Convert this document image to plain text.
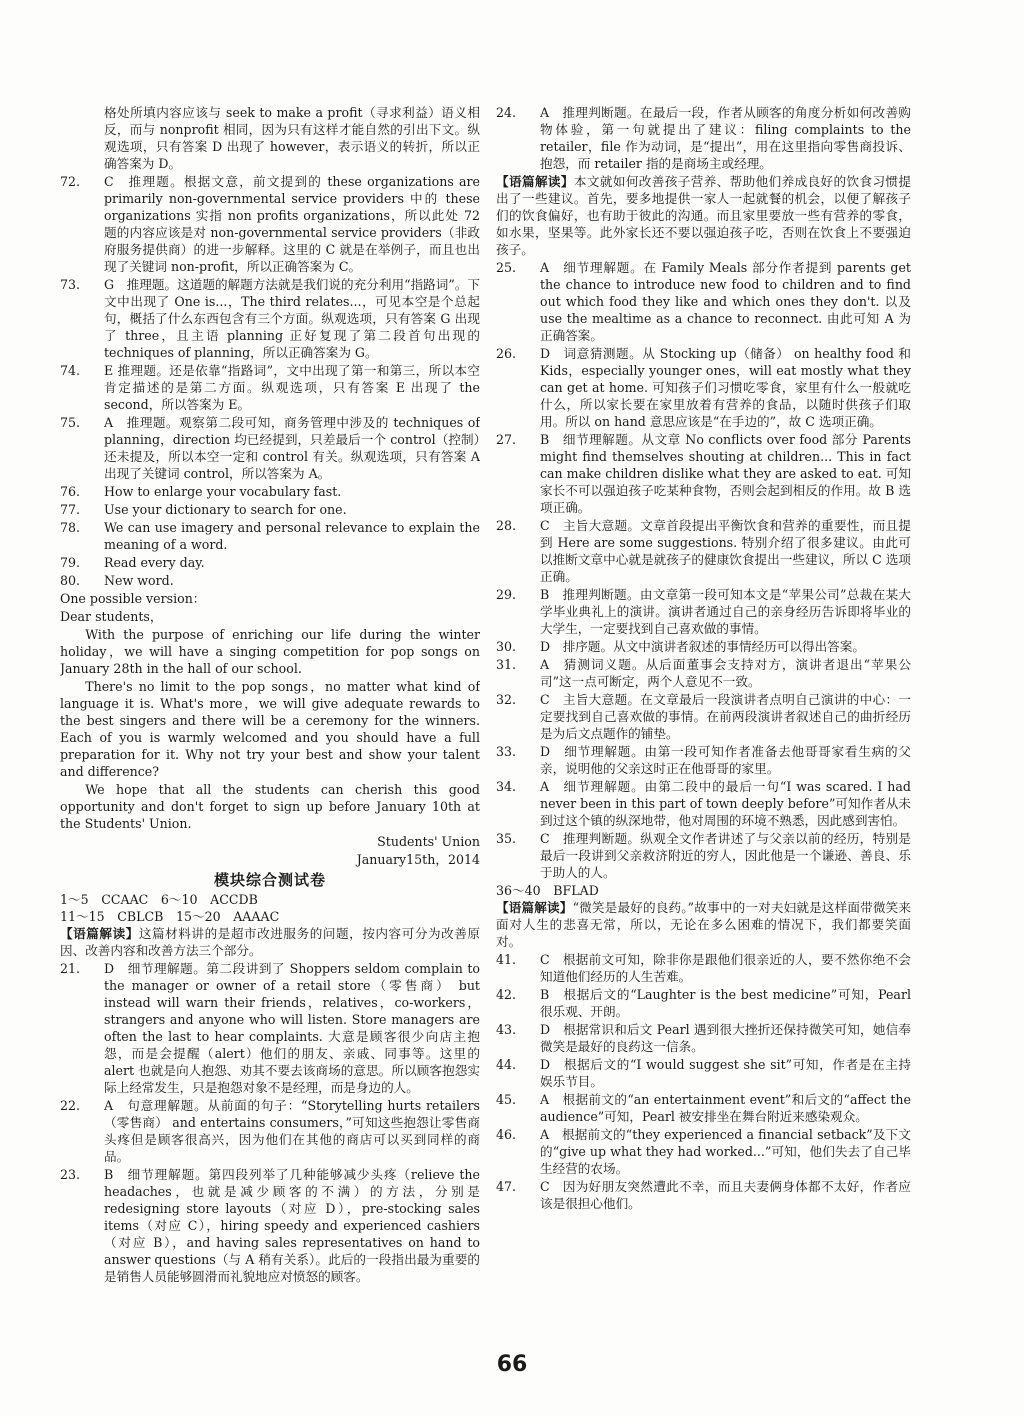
格处所填内容应该与 seek to make a profit（寻求利益）语义相反，而与 nonprofit 相同，因为只有这样才能自然的引出下文。纵观选项，只有答案 D 出现了 however，表示语义的转折，所以正确答案为 D。
72.	C　推理题。根据文意，前文提到的 these organizations are primarily non-governmental service providers 中的 these organizations 实指 non profits organizations，所以此处 72 题的内容应该是对 non-governmental service providers（非政府服务提供商）的进一步解释。这里的 C 就是在举例子，而且也出现了关键词 non-profit，所以正确答案为 C。
73.	G　推理题。这道题的解题方法就是我们说的充分利用“指路词”。下文中出现了 One is...，The third relates...，可见本空是个总起句，概括了什么东西包含有三个方面。纵观选项，只有答案 G 出现了 three，且主语 planning 正好复现了第二段首句出现的 techniques of planning，所以正确答案为 G。
74.	E 推理题。还是依靠“指路词”，文中出现了第一和第三，所以本空肯定描述的是第二方面。纵观选项，只有答案 E 出现了 the second，所以答案为 E。
75.	A　推理题。观察第二段可知，商务管理中涉及的 techniques of planning，direction 均已经提到，只差最后一个 control（控制）还未提及，所以本空一定和 control 有关。纵观选项，只有答案 A 出现了关键词 control，所以答案为 A。
76.	How to enlarge your vocabulary fast.
77.	Use your dictionary to search for one.
78.	We can use imagery and personal relevance to explain the meaning of a word.
79.	Read every day.
80.	New word.
One possible version：
Dear students，
With the purpose of enriching our life during the winter holiday，we will have a singing competition for pop songs on January 28th in the hall of our school.
There's no limit to the pop songs，no matter what kind of language it is. What's more，we will give adequate rewards to the best singers and there will be a ceremony for the winners. Each of you is warmly welcomed and you should have a full preparation for it. Why not try your best and show your talent and difference?
We hope that all the students can cherish this good opportunity and don't forget to sign up before January 10th at the Students' Union.
Students' Union
January15th，2014
模块综合测试卷
1～5　CCAAC　6～10　ACCDB
11～15　CBLCB　15～20　AAAAC
【语篇解读】这篇材料讲的是超市改进服务的问题，按内容可分为改善原因、改善内容和改善方法三个部分。
21.	D　细节理解题。第二段讲到了 Shoppers seldom complain to the manager or owner of a retail store（零售商） but instead will warn their friends，relatives，co-workers，strangers and anyone who will listen. Store managers are often the last to hear complaints. 大意是顾客很少向店主抱怨，而是会提醒（alert）他们的朋友、亲戚、同事等。这里的 alert 也就是向人抱怨、劝其不要去该商场的意思。所以顾客抱怨实际上经常发生，只是抱怨对象不是经理，而是身边的人。
22.	A　句意理解题。从前面的句子：“Storytelling hurts retailers（零售商） and entertains consumers，”可知这些抱怨让零售商头疼但是顾客很高兴，因为他们在其他的商店可以买到同样的商品。
23.	B　细节理解题。第四段列举了几种能够减少头疼（relieve the headaches，也就是减少顾客的不满）的方法，分别是 redesigning store layouts（对应 D），pre-stocking sales items（对应 C），hiring speedy and experienced cashiers（对应 B），and having sales representatives on hand to answer questions（与 A 稍有关系）。此后的一段指出最为重要的是销售人员能够圆滑而礼貌地应对愤怒的顾客。
24.	A　推理判断题。在最后一段，作者从顾客的角度分析如何改善购物体验，第一句就提出了建议：filing complaints to the retailer，file 作为动词，是“提出”，用在这里指向零售商投诉、抱怨，而 retailer 指的是商场主或经理。
【语篇解读】本文就如何改善孩子营养、帮助他们养成良好的饮食习惯提出了一些建议。首先，要多地提供一家人一起就餐的机会，以便了解孩子们的饮食偏好，也有助于彼此的沟通。而且家里要放一些有营养的零食，如水果，坚果等。此外家长还不要以强迫孩子吃，否则在饮食上不要强迫孩子。
25.	A　细节理解题。在 Family Meals 部分作者提到 parents get the chance to introduce new food to children and to find out which food they like and which ones they don't. 以及 use the mealtime as a chance to reconnect. 由此可知 A 为正确答案。
26.	D　词意猜测题。从 Stocking up（储备） on healthy food 和 Kids，especially younger ones，will eat mostly what they can get at home. 可知孩子们习惯吃零食，家里有什么一般就吃什么，所以家长要在家里放着有营养的食品，以随时供孩子们取用。所以 on hand 意思应该是“在手边的”，故 C 选项正确。
27.	B　细节理解题。从文章 No conflicts over food 部分 Parents might find themselves shouting at children... This in fact can make children dislike what they are asked to eat. 可知家长不可以强迫孩子吃某种食物，否则会起到相反的作用。故 B 选项正确。
28.	C　主旨大意题。文章首段提出平衡饮食和营养的重要性，而且提到 Here are some suggestions. 特别介绍了很多建议。由此可以推断文章中心就是就孩子的健康饮食提出一些建议，所以 C 选项正确。
29.	B　推理判断题。由文章第一段可知本文是“苹果公司”总裁在某大学毕业典礼上的演讲。演讲者通过自己的亲身经历告诉即将毕业的大学生，一定要找到自己喜欢做的事情。
30.	D　排序题。从文中演讲者叙述的事情经历可以得出答案。
31.	A　猜测词义题。从后面董事会支持对方，演讲者退出“苹果公司”这一点可断定，两个人意见不一致。
32.	C　主旨大意题。在文章最后一段演讲者点明自己演讲的中心：一定要找到自己喜欢做的事情。在前两段演讲者叙述自己的曲折经历是为后文点题作的铺垫。
33.	D　细节理解题。由第一段可知作者准备去他哥哥家看生病的父亲，说明他的父亲这时正在他哥哥的家里。
34.	A　细节理解题。由第二段中的最后一句“I was scared. I had never been in this part of town deeply before”可知作者从未到过这个镇的纵深地带，他对周围的环境不熟悉，因此感到害怕。
35.	C　推理判断题。纵观全文作者讲述了与父亲以前的经历，特别是最后一段讲到父亲救济附近的穷人，因此他是一个谦逊、善良、乐于助人的人。
36～40　BFLAD
【语篇解读】“微笑是最好的良药。”故事中的一对夫妇就是这样面带微笑来面对人生的悲喜无常，所以，无论在多么困难的情况下，我们都要笑面对。
41.	C　根据前文可知，除非你是跟他们很亲近的人，要不然你绝不会知道他们经历的人生苦难。
42.	B　根据后文的“Laughter is the best medicine”可知，Pearl 很乐观、开朗。
43.	D　根据常识和后文 Pearl 遇到很大挫折还保持微笑可知，她信奉微笑是最好的良药这一信条。
44.	D　根据后文的“I would suggest she sit”可知，作者是在主持娱乐节目。
45.	A　根据前文的“an entertainment event”和后文的“affect the audience”可知，Pearl 被安排坐在舞台附近来感染观众。
46.	A　根据前文的“they experienced a financial setback”及下文的“give up what they had worked...”可知，他们失去了自己毕生经营的农场。
47.	C　因为好朋友突然遭此不幸，而且夫妻俩身体都不太好，作者应该是很担心他们。
66
